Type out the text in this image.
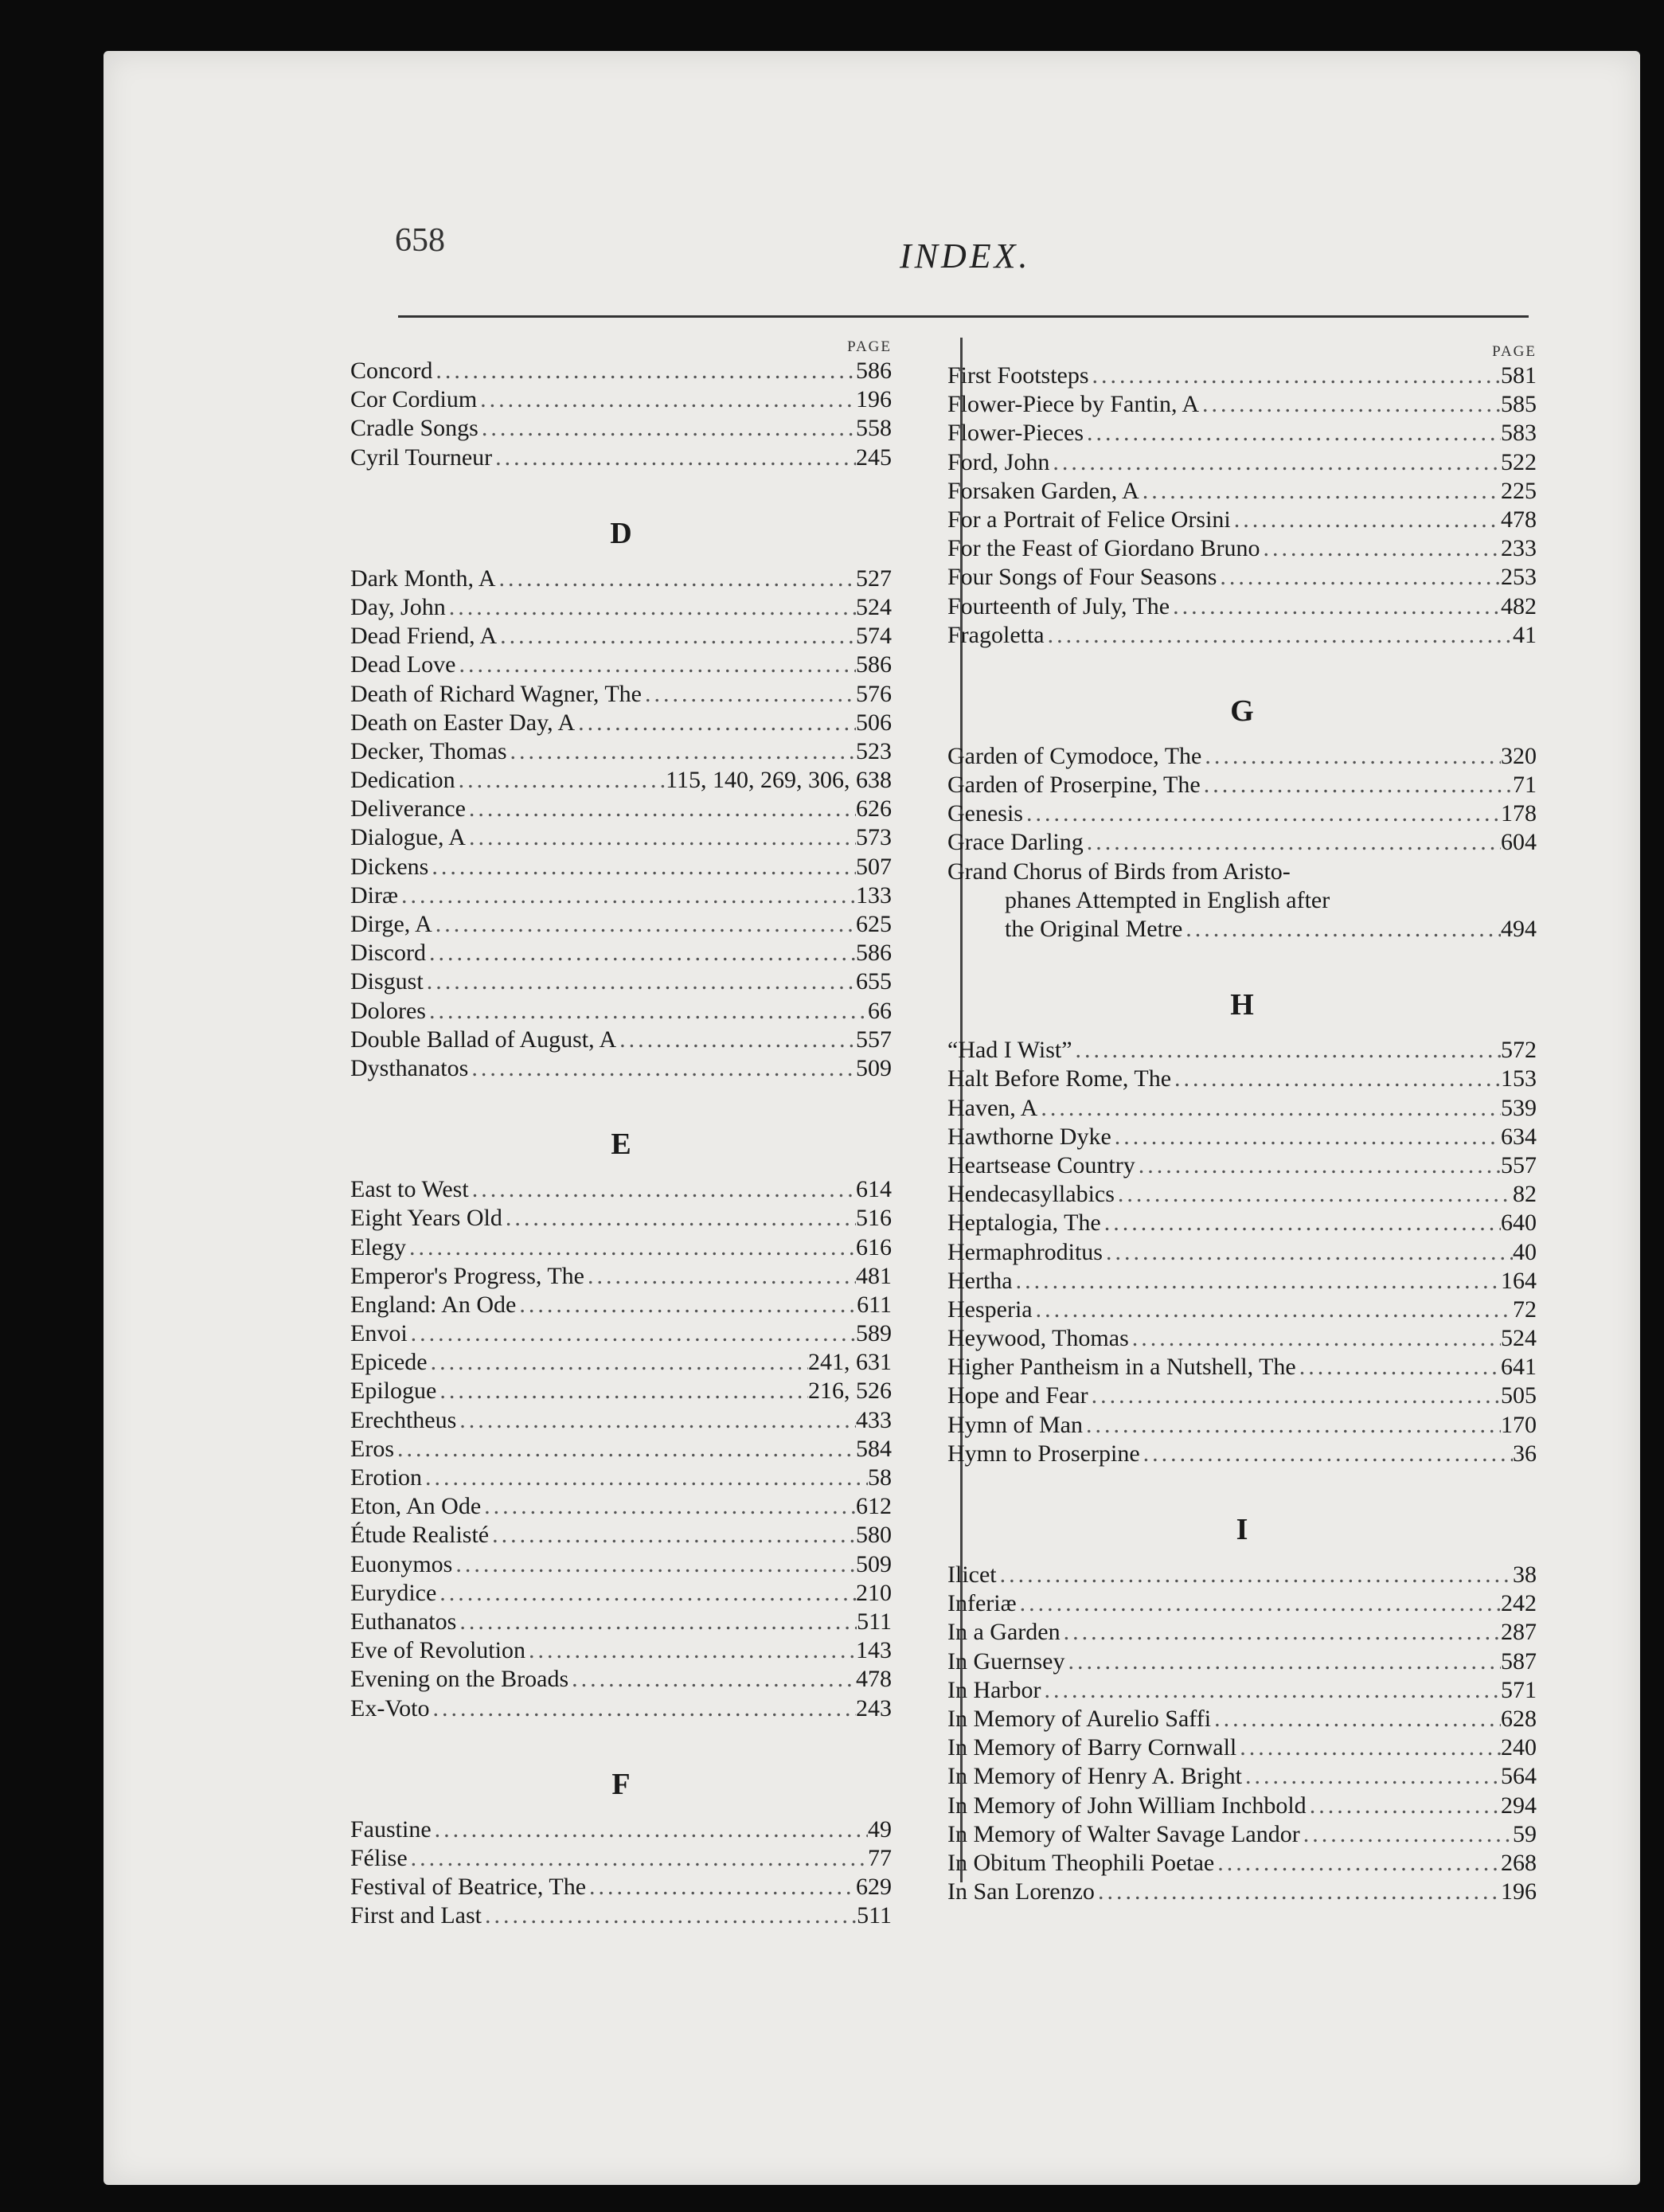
658	INDEX.
PAGE
Concord .....	586
Cor Cordium .....	196
Cradle Songs .....	558
Cyril Tourneur .....	245
D
Dark Month, A .....	527
Day, John .....	524
Dead Friend, A .....	574
Dead Love .....	586
Death of Richard Wagner, The .....	576
Death on Easter Day, A .....	506
Decker, Thomas .....	523
Dedication .....	115, 140, 269, 306, 638
Deliverance .....	626
Dialogue, A .....	573
Dickens .....	507
Diræ .....	133
Dirge, A .....	625
Discord .....	586
Disgust .....	655
Dolores .....	66
Double Ballad of August, A .....	557
Dysthanatos .....	509
E
East to West .....	614
Eight Years Old .....	516
Elegy .....	616
Emperor's Progress, The .....	481
England: An Ode .....	611
Envoi .....	589
Epicede .....	241, 631
Epilogue .....	216, 526
Erechtheus .....	433
Eros .....	584
Erotion .....	58
Eton, An Ode .....	612
Étude Realisté .....	580
Euonymos .....	509
Eurydice .....	210
Euthanatos .....	511
Eve of Revolution .....	143
Evening on the Broads .....	478
Ex-Voto .....	243
F
Faustine .....	49
Félise .....	77
Festival of Beatrice, The .....	629
First and Last .....	511
PAGE
First Footsteps .....	581
Flower-Piece by Fantin, A .....	585
Flower-Pieces .....	583
Ford, John .....	522
Forsaken Garden, A .....	225
For a Portrait of Felice Orsini .....	478
For the Feast of Giordano Bruno .....	233
Four Songs of Four Seasons .....	253
Fourteenth of July, The .....	482
Fragoletta .....	41
G
Garden of Cymodoce, The .....	320
Garden of Proserpine, The .....	71
Genesis .....	178
Grace Darling .....	604
Grand Chorus of Birds from Aristo-
phanes Attempted in English after
the Original Metre .....	494
H
“Had I Wist” .....	572
Halt Before Rome, The .....	153
Haven, A .....	539
Hawthorne Dyke .....	634
Heartsease Country .....	557
Hendecasyllabics .....	82
Heptalogia, The .....	640
Hermaphroditus .....	40
Hertha .....	164
Hesperia .....	72
Heywood, Thomas .....	524
Higher Pantheism in a Nutshell, The .....	641
Hope and Fear .....	505
Hymn of Man .....	170
Hymn to Proserpine .....	36
I
Ilicet .....	38
Inferiæ .....	242
In a Garden .....	287
In Guernsey .....	587
In Harbor .....	571
In Memory of Aurelio Saffi .....	628
In Memory of Barry Cornwall .....	240
In Memory of Henry A. Bright .....	564
In Memory of John William Inchbold .....	294
In Memory of Walter Savage Landor .....	59
In Obitum Theophili Poetae .....	268
In San Lorenzo .....	196
